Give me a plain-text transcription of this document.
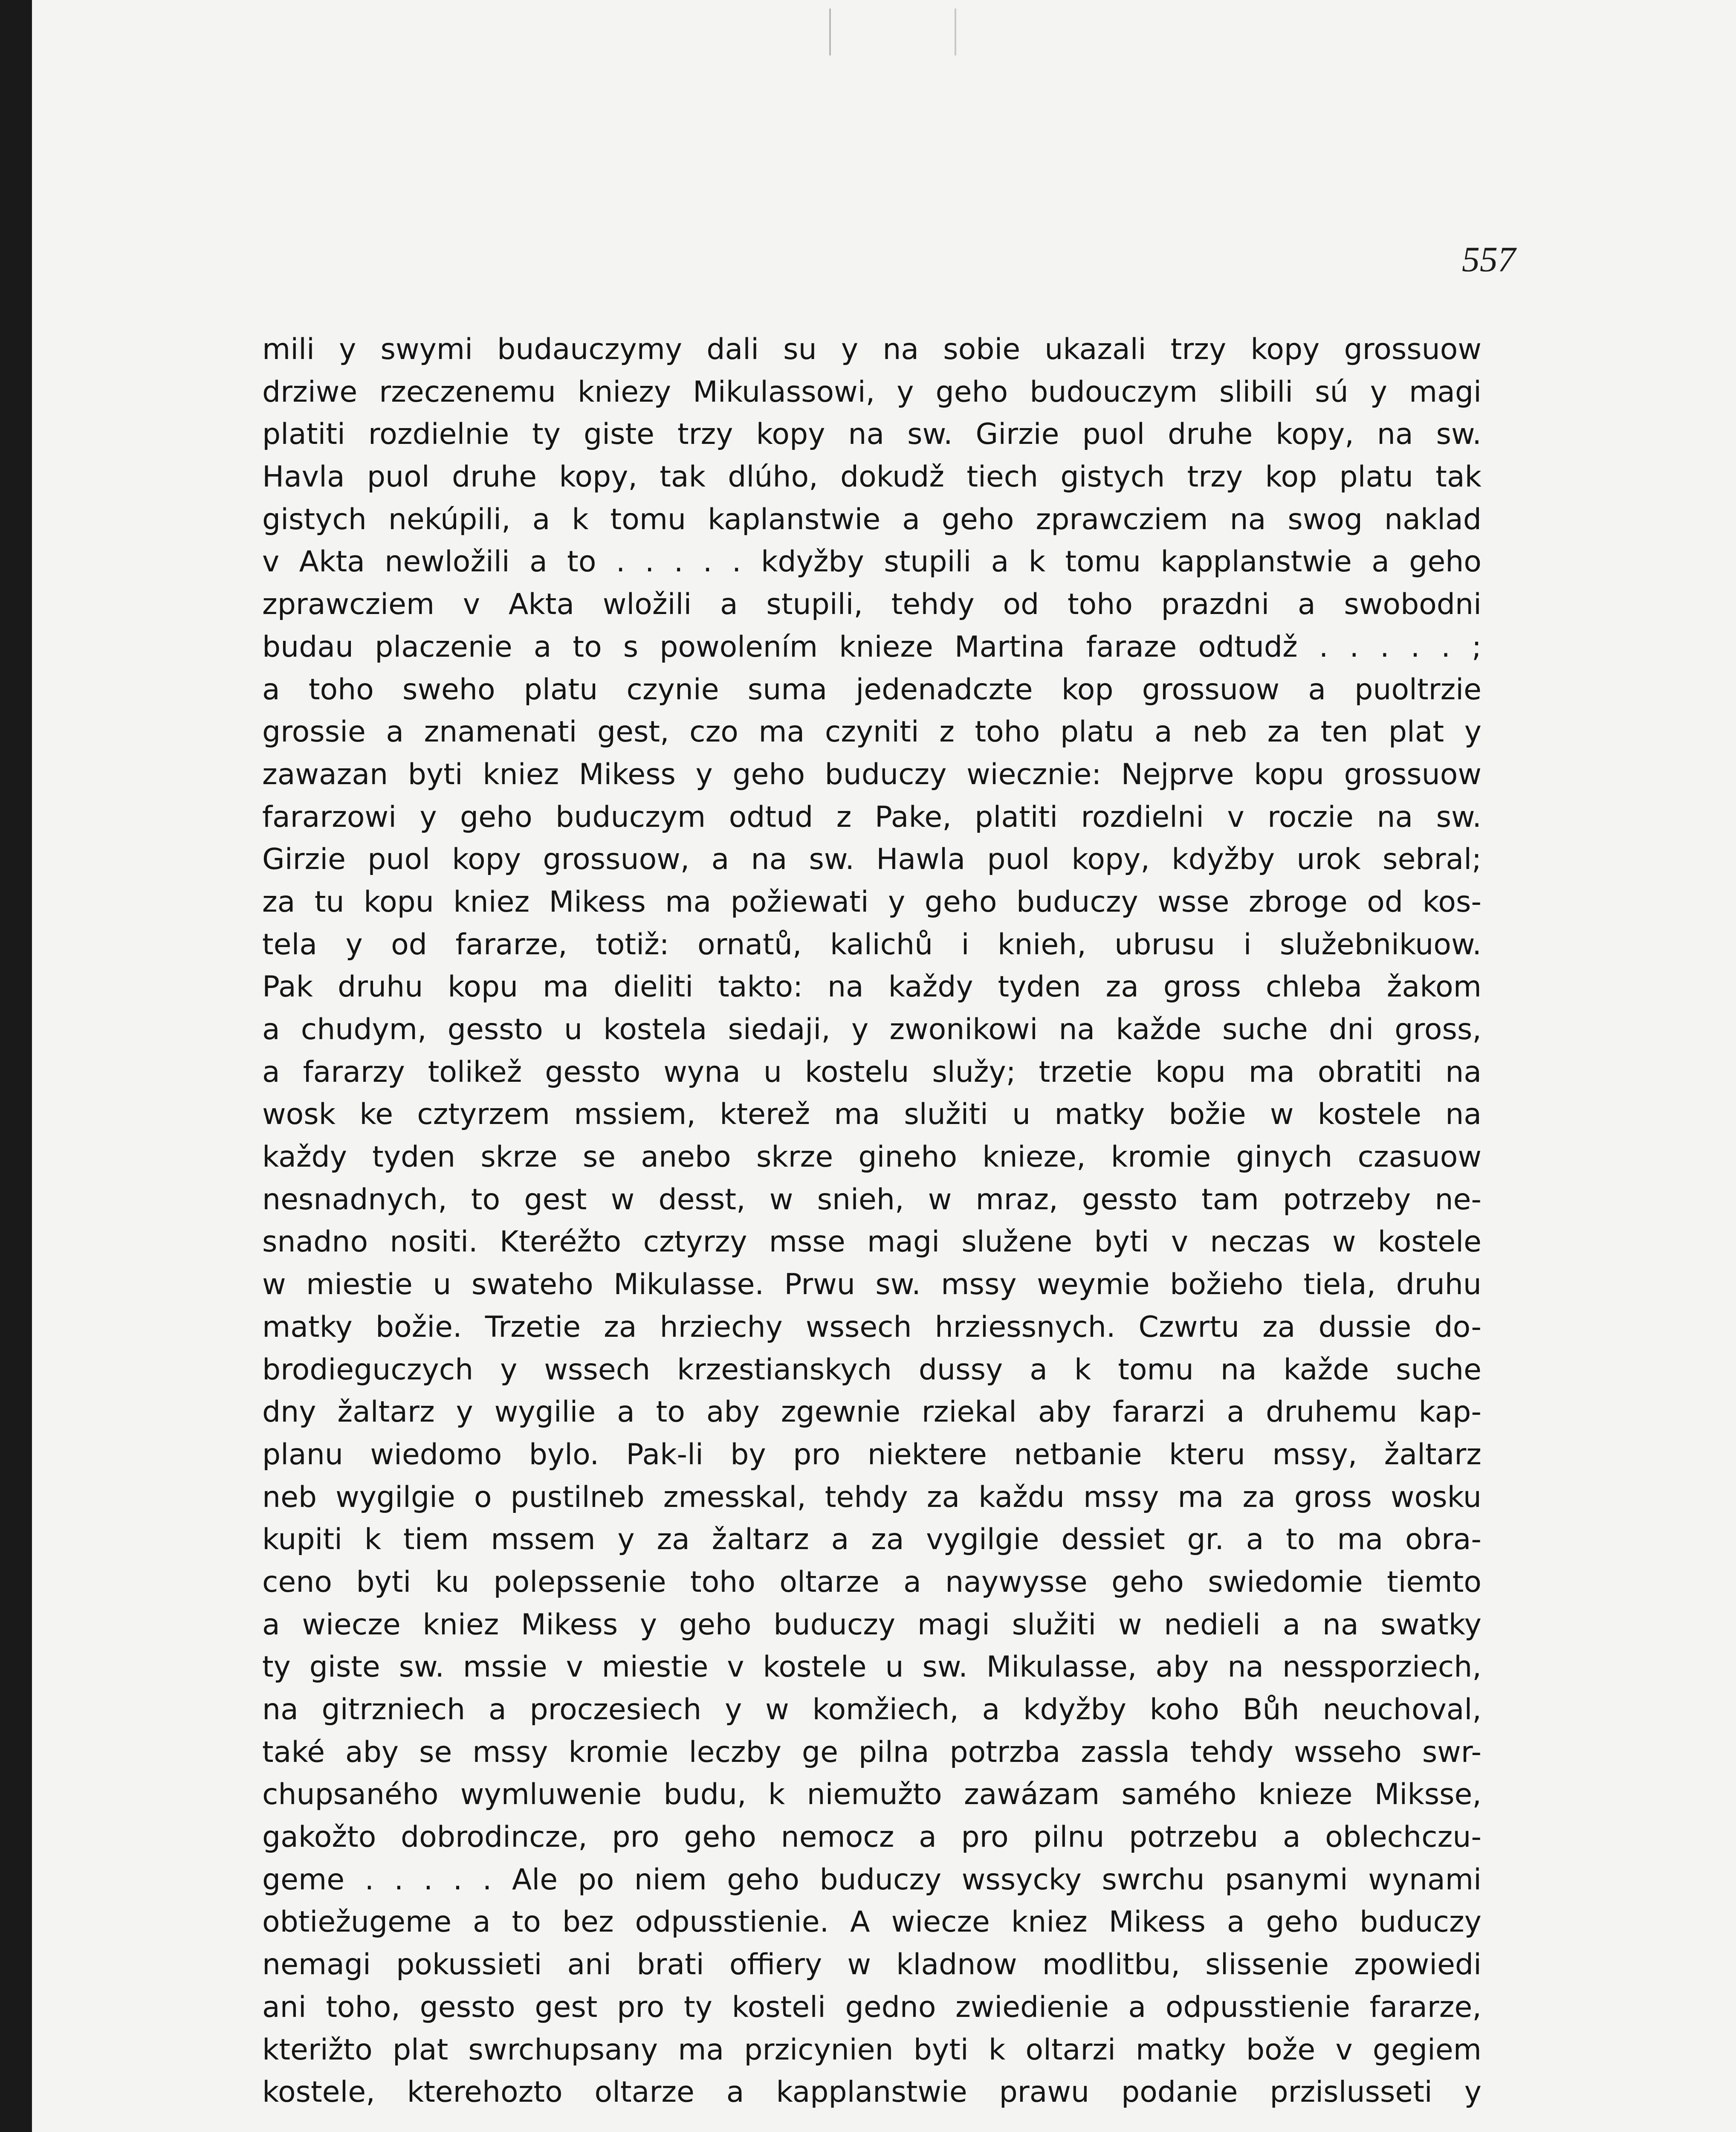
557
mili y swymi budauczymy dali su y na sobie ukazali trzy kopy grossuow
drziwe rzeczenemu kniezy Mikulassowi, y geho budouczym slibili sú y magi
platiti rozdielnie ty giste trzy kopy na sw. Girzie puol druhe kopy, na sw.
Havla puol druhe kopy, tak dlúho, dokudž tiech gistych trzy kop platu tak
gistych nekúpili, a k tomu kaplanstwie a geho zprawcziem na swog naklad
v Akta newložili a to . . . . . kdyžby stupili a k tomu kapplanstwie a geho
zprawcziem v Akta wložili a stupili, tehdy od toho prazdni a swobodni
budau placzenie a to s powolením knieze Martina faraze odtudž . . . . . ;
a toho sweho platu czynie suma jedenadczte kop grossuow a puoltrzie
grossie a znamenati gest, czo ma czyniti z toho platu a neb za ten plat y
zawazan byti kniez Mikess y geho buduczy wiecznie: Nejprve kopu grossuow
fararzowi y geho buduczym odtud z Pake, platiti rozdielni v roczie na sw.
Girzie puol kopy grossuow, a na sw. Hawla puol kopy, kdyžby urok sebral;
za tu kopu kniez Mikess ma požiewati y geho buduczy wsse zbroge od kos-
tela y od fararze, totiž: ornatů, kalichů i knieh, ubrusu i služebnikuow.
Pak druhu kopu ma dieliti takto: na každy tyden za gross chleba žakom
a chudym, gessto u kostela siedaji, y zwonikowi na každe suche dni gross,
a fararzy tolikež gessto wyna u kostelu služy; trzetie kopu ma obratiti na
wosk ke cztyrzem mssiem, kterež ma služiti u matky božie w kostele na
každy tyden skrze se anebo skrze gineho knieze, kromie ginych czasuow
nesnadnych, to gest w desst, w snieh, w mraz, gessto tam potrzeby ne-
snadno nositi. Kteréžto cztyrzy msse magi služene byti v neczas w kostele
w miestie u swateho Mikulasse. Prwu sw. mssy weymie božieho tiela, druhu
matky božie. Trzetie za hrziechy wssech hrziessnych. Czwrtu za dussie do-
brodieguczych y wssech krzestianskych dussy a k tomu na každe suche
dny žaltarz y wygilie a to aby zgewnie rziekal aby fararzi a druhemu kap-
planu wiedomo bylo. Pak-li by pro niektere netbanie kteru mssy, žaltarz
neb wygilgie o pustilneb zmesskal, tehdy za každu mssy ma za gross wosku
kupiti k tiem mssem y za žaltarz a za vygilgie dessiet gr. a to ma obra-
ceno byti ku polepssenie toho oltarze a naywysse geho swiedomie tiemto
a wiecze kniez Mikess y geho buduczy magi služiti w nedieli a na swatky
ty giste sw. mssie v miestie v kostele u sw. Mikulasse, aby na nessporziech,
na gitrzniech a proczesiech y w komžiech, a kdyžby koho Bůh neuchoval,
také aby se mssy kromie leczby ge pilna potrzba zassla tehdy wsseho swr-
chupsaného wymluwenie budu, k niemužto zawázam samého knieze Miksse,
gakožto dobrodincze, pro geho nemocz a pro pilnu potrzebu a oblechczu-
geme . . . . . Ale po niem geho buduczy wssycky swrchu psanymi wynami
obtiežugeme a to bez odpusstienie. A wiecze kniez Mikess a geho buduczy
nemagi pokussieti ani brati offiery w kladnow modlitbu, slissenie zpowiedi
ani toho, gessto gest pro ty kosteli gedno zwiedienie a odpusstienie fararze,
kterižto plat swrchupsany ma przicynien byti k oltarzi matky bože v gegiem
kostele, kterehozto oltarze a kapplanstwie prawu podanie przislusseti y
